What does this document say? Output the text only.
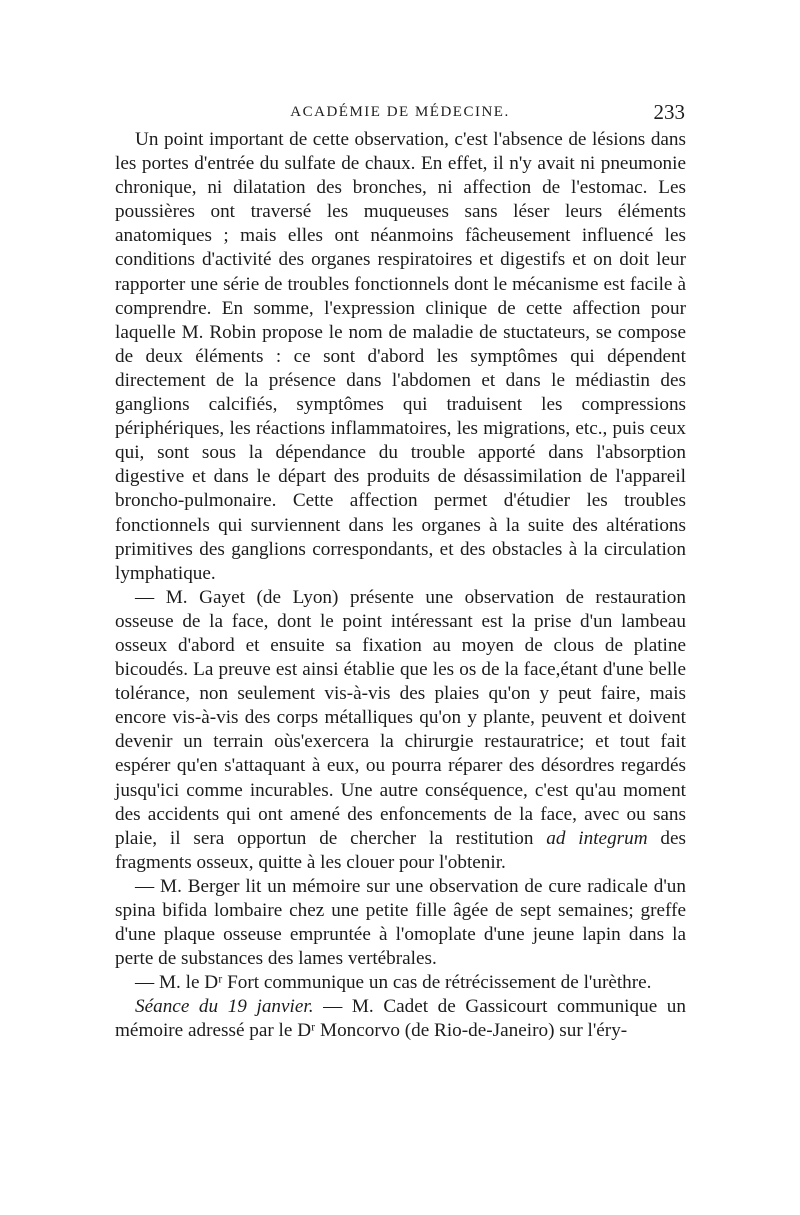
ACADÉMIE DE MÉDECINE.	233

Un point important de cette observation, c'est l'absence de lésions dans les portes d'entrée du sulfate de chaux. En effet, il n'y avait ni pneumonie chronique, ni dilatation des bronches, ni affection de l'estomac. Les poussières ont traversé les muqueuses sans léser leurs éléments anatomiques ; mais elles ont néanmoins fâcheusement influencé les conditions d'activité des organes respiratoires et digestifs et on doit leur rapporter une série de troubles fonctionnels dont le mécanisme est facile à comprendre. En somme, l'expression clinique de cette affection pour laquelle M. Robin propose le nom de maladie de stuctateurs, se compose de deux éléments : ce sont d'abord les symptômes qui dépendent directement de la présence dans l'abdomen et dans le médiastin des ganglions calcifiés, symptômes qui traduisent les compressions périphériques, les réactions inflammatoires, les migrations, etc., puis ceux qui, sont sous la dépendance du trouble apporté dans l'absorption digestive et dans le départ des produits de désassimilation de l'appareil broncho-pulmonaire. Cette affection permet d'étudier les troubles fonctionnels qui surviennent dans les organes à la suite des altérations primitives des ganglions correspondants, et des obstacles à la circulation lymphatique.

— M. Gayet (de Lyon) présente une observation de restauration osseuse de la face, dont le point intéressant est la prise d'un lambeau osseux d'abord et ensuite sa fixation au moyen de clous de platine bicoudés. La preuve est ainsi établie que les os de la face,étant d'une belle tolérance, non seulement vis-à-vis des plaies qu'on y peut faire, mais encore vis-à-vis des corps métalliques qu'on y plante, peuvent et doivent devenir un terrain oùs'exercera la chirurgie restauratrice; et tout fait espérer qu'en s'attaquant à eux, ou pourra réparer des désordres regardés jusqu'ici comme incurables. Une autre conséquence, c'est qu'au moment des accidents qui ont amené des enfoncements de la face, avec ou sans plaie, il sera opportun de chercher la restitution ad integrum des fragments osseux, quitte à les clouer pour l'obtenir.

— M. Berger lit un mémoire sur une observation de cure radicale d'un spina bifida lombaire chez une petite fille âgée de sept semaines; greffe d'une plaque osseuse empruntée à l'omoplate d'une jeune lapin dans la perte de substances des lames vertébrales.

— M. le Dʳ Fort communique un cas de rétrécissement de l'urèthre.

Séance du 19 janvier. — M. Cadet de Gassicourt communique un mémoire adressé par le Dʳ Moncorvo (de Rio-de-Janeiro) sur l'éry-
